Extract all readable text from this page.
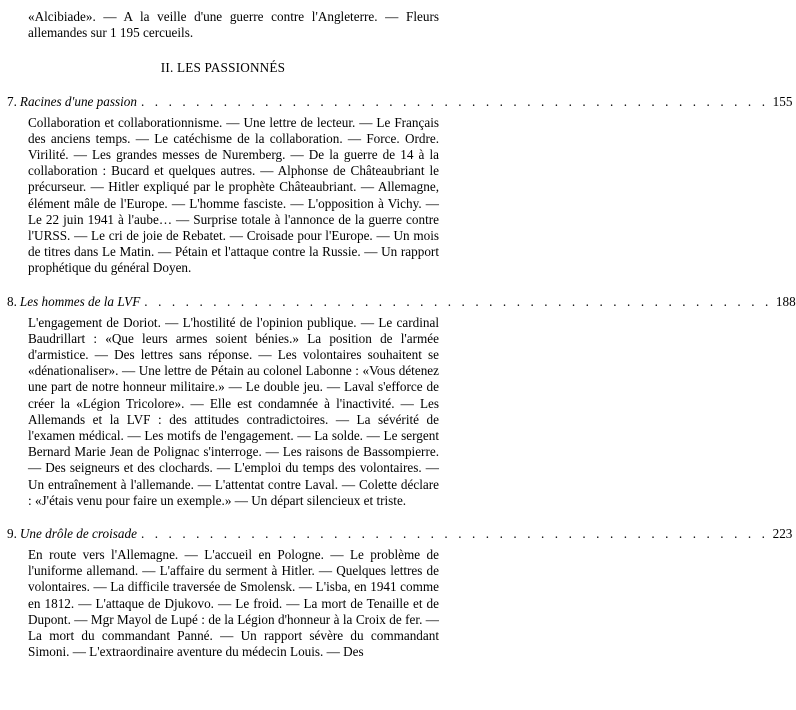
«Alcibiade». — A la veille d'une guerre contre l'Angleterre. — Fleurs allemandes sur 1 195 cercueils.

II. LES PASSIONNÉS
7. Racines d'une passion . . . . . . . . . . . . . . . . . . . . . . . . . . . . . . . . . . . . . . . . . . . . . . 155

Collaboration et collaborationnisme. — Une lettre de lecteur. — Le Français des anciens temps. — Le catéchisme de la collaboration. — Force. Ordre. Virilité. — Les grandes messes de Nuremberg. — De la guerre de 14 à la collaboration : Bucard et quelques autres. — Alphonse de Châteaubriant le précurseur. — Hitler expliqué par le prophète Châteaubriant. — Allemagne, élément mâle de l'Europe. — L'homme fasciste. — L'opposition à Vichy. — Le 22 juin 1941 à l'aube… — Surprise totale à l'annonce de la guerre contre l'URSS. — Le cri de joie de Rebatet. — Croisade pour l'Europe. — Un mois de titres dans Le Matin. — Pétain et l'attaque contre la Russie. — Un rapport prophétique du général Doyen.

8. Les hommes de la LVF . . . . . . . . . . . . . . . . . . . . . . . . . . . . . . . . . . . . . . . . . . . . . . 188

L'engagement de Doriot. — L'hostilité de l'opinion publique. — Le cardinal Baudrillart : «Que leurs armes soient bénies.» La position de l'armée d'armistice. — Des lettres sans réponse. — Les volontaires souhaitent se «dénationaliser». — Une lettre de Pétain au colonel Labonne : «Vous détenez une part de notre honneur militaire.» — Le double jeu. — Laval s'efforce de créer la «Légion Tricolore». — Elle est condamnée à l'inactivité. — Les Allemands et la LVF : des attitudes contradictoires. — La sévérité de l'examen médical. — Les motifs de l'engagement. — La solde. — Le sergent Bernard Marie Jean de Polignac s'interroge. — Les raisons de Bassompierre. — Des seigneurs et des clochards. — L'emploi du temps des volontaires. — Un entraînement à l'allemande. — L'attentat contre Laval. — Colette déclare : «J'étais venu pour faire un exemple.» — Un départ silencieux et triste.

9. Une drôle de croisade . . . . . . . . . . . . . . . . . . . . . . . . . . . . . . . . . . . . . . . . . . . . . . 223

En route vers l'Allemagne. — L'accueil en Pologne. — Le problème de l'uniforme allemand. — L'affaire du serment à Hitler. — Quelques lettres de volontaires. — La difficile traversée de Smolensk. — L'isba, en 1941 comme en 1812. — L'attaque de Djukovo. — Le froid. — La mort de Tenaille et de Dupont. — Mgr Mayol de Lupé : de la Légion d'honneur à la Croix de fer. — La mort du commandant Panné. — Un rapport sévère du commandant Simoni. — L'extraordinaire aventure du médecin Louis. — Des
